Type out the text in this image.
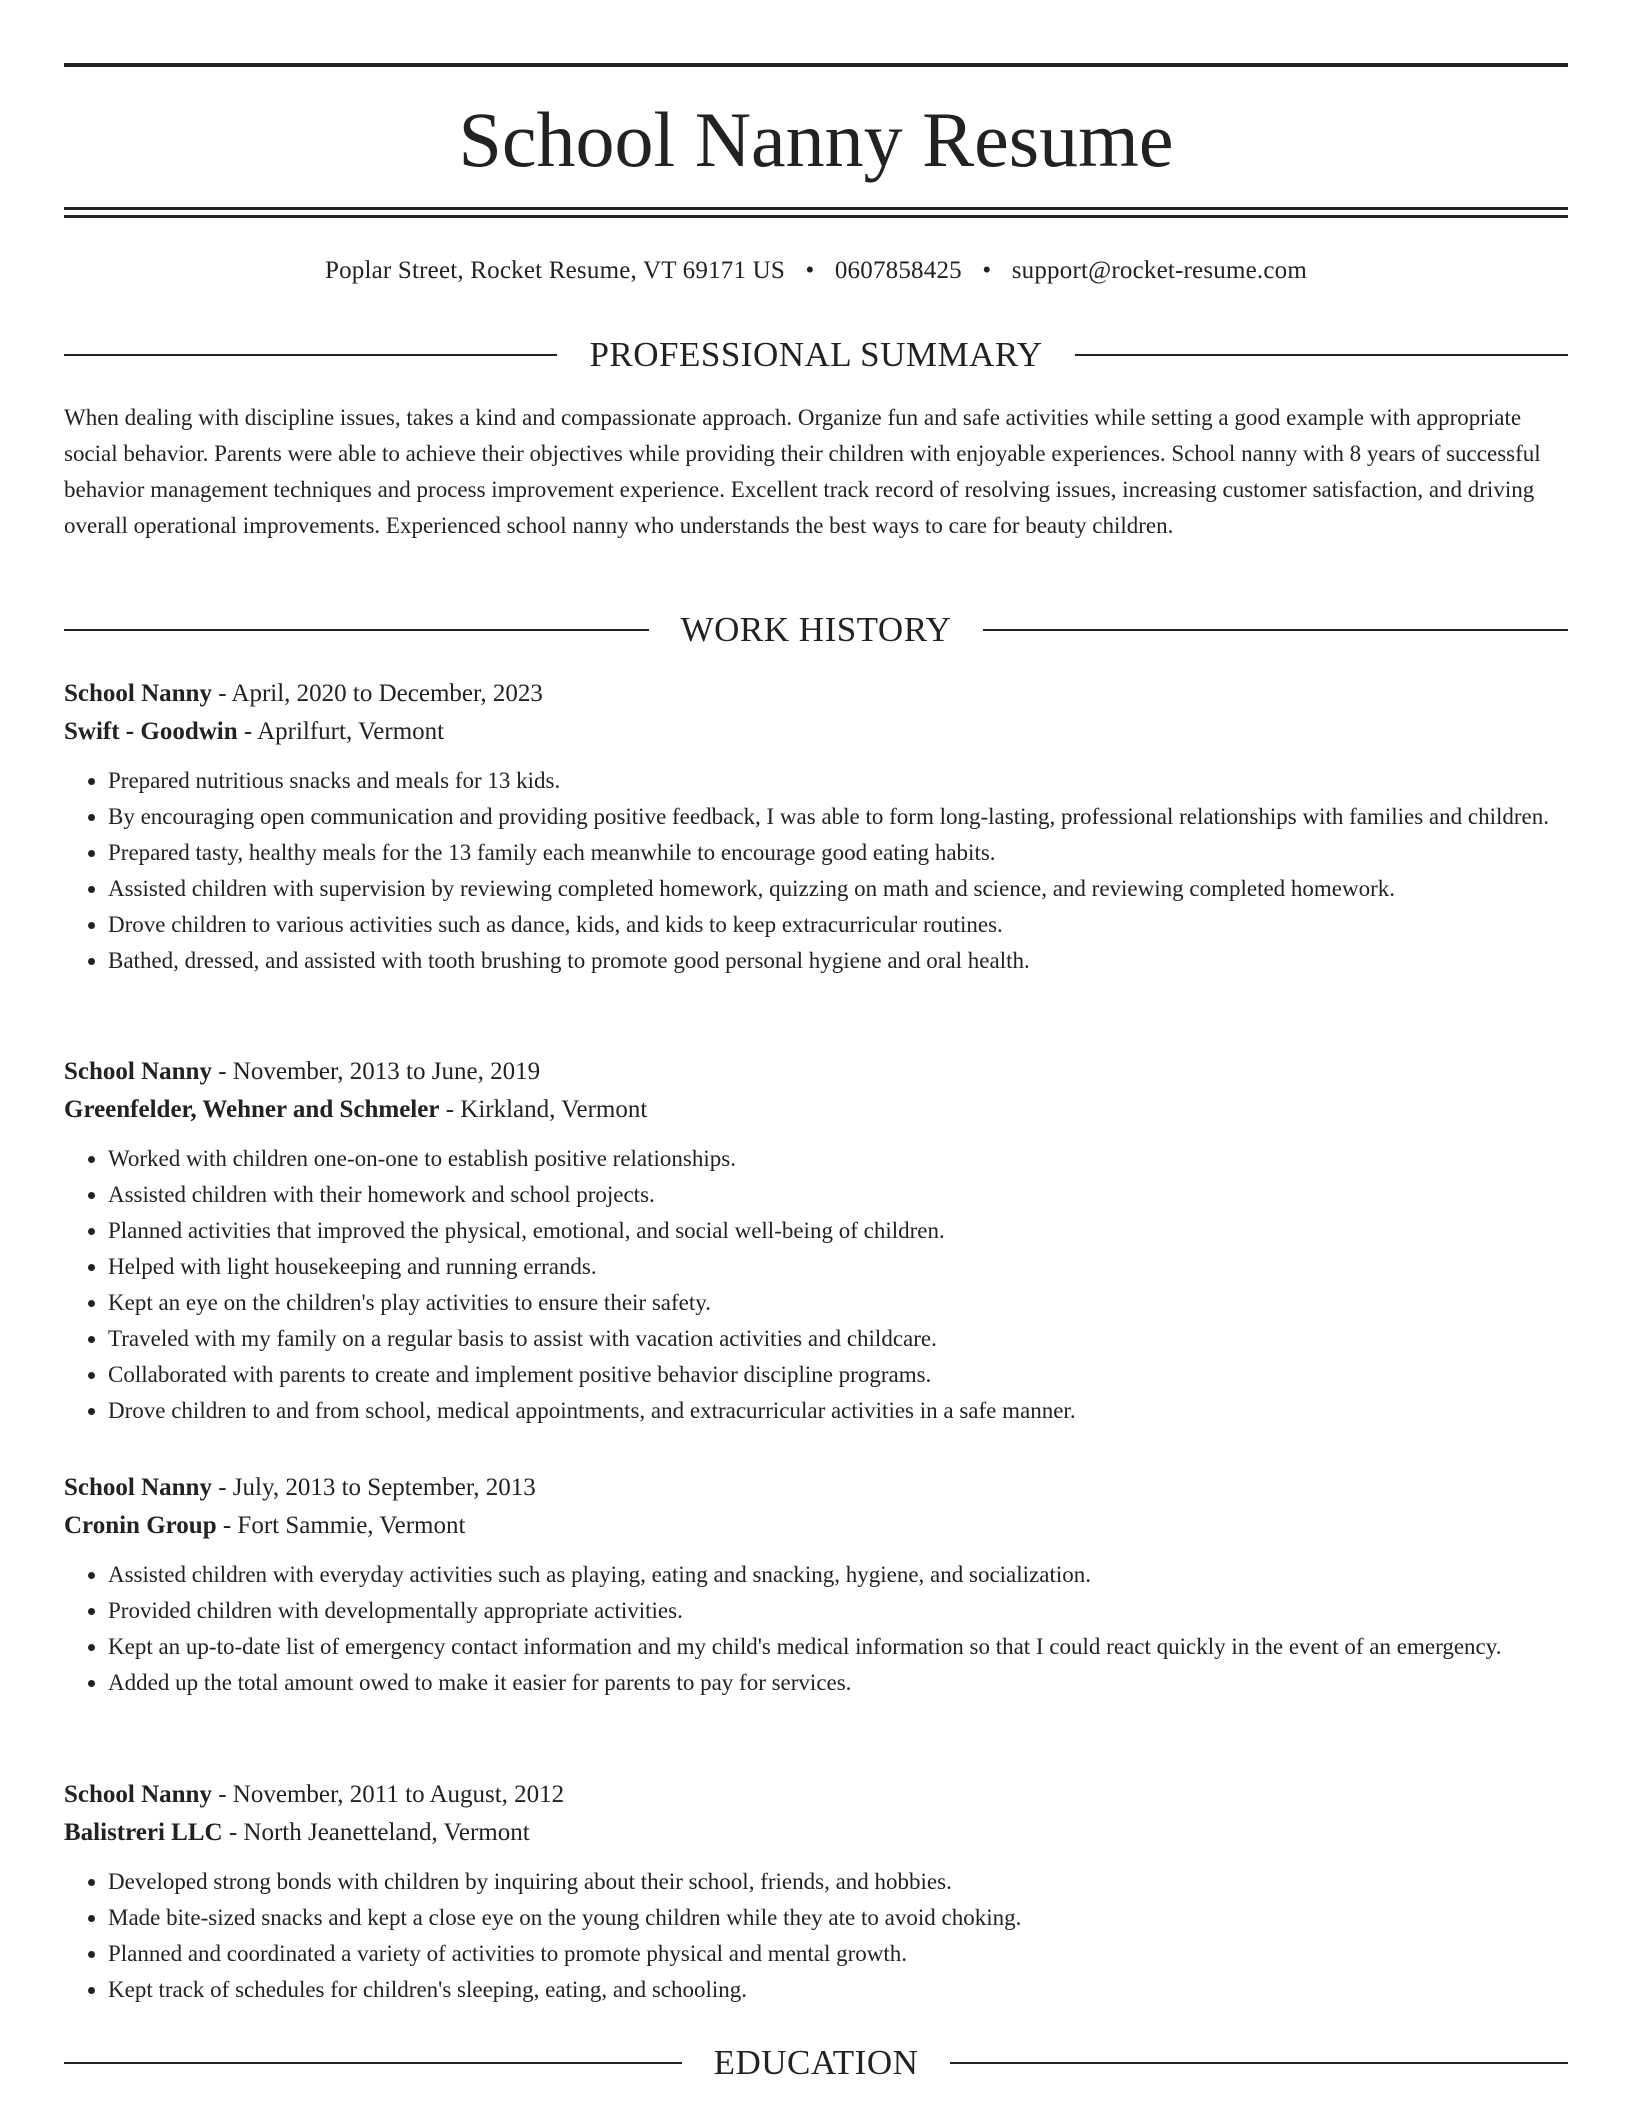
School Nanny Resume
Poplar Street, Rocket Resume, VT 69171 US • 0607858425 • support@rocket-resume.com
PROFESSIONAL SUMMARY

When dealing with discipline issues, takes a kind and compassionate approach. Organize fun and safe activities while setting a good example with appropriate social behavior. Parents were able to achieve their objectives while providing their children with enjoyable experiences. School nanny with 8 years of successful behavior management techniques and process improvement experience. Excellent track record of resolving issues, increasing customer satisfaction, and driving overall operational improvements. Experienced school nanny who understands the best ways to care for beauty children.

WORK HISTORY
School Nanny - April, 2020 to December, 2023
Swift - Goodwin - Aprilfurt, Vermont
• Prepared nutritious snacks and meals for 13 kids.
• By encouraging open communication and providing positive feedback, I was able to form long-lasting, professional relationships with families and children.
• Prepared tasty, healthy meals for the 13 family each meanwhile to encourage good eating habits.
• Assisted children with supervision by reviewing completed homework, quizzing on math and science, and reviewing completed homework.
• Drove children to various activities such as dance, kids, and kids to keep extracurricular routines.
• Bathed, dressed, and assisted with tooth brushing to promote good personal hygiene and oral health.
School Nanny - November, 2013 to June, 2019
Greenfelder, Wehner and Schmeler - Kirkland, Vermont
• Worked with children one-on-one to establish positive relationships.
• Assisted children with their homework and school projects.
• Planned activities that improved the physical, emotional, and social well-being of children.
• Helped with light housekeeping and running errands.
• Kept an eye on the children's play activities to ensure their safety.
• Traveled with my family on a regular basis to assist with vacation activities and childcare.
• Collaborated with parents to create and implement positive behavior discipline programs.
• Drove children to and from school, medical appointments, and extracurricular activities in a safe manner.
School Nanny - July, 2013 to September, 2013
Cronin Group - Fort Sammie, Vermont
• Assisted children with everyday activities such as playing, eating and snacking, hygiene, and socialization.
• Provided children with developmentally appropriate activities.
• Kept an up-to-date list of emergency contact information and my child's medical information so that I could react quickly in the event of an emergency.
• Added up the total amount owed to make it easier for parents to pay for services.
School Nanny - November, 2011 to August, 2012
Balistreri LLC - North Jeanetteland, Vermont
• Developed strong bonds with children by inquiring about their school, friends, and hobbies.
• Made bite-sized snacks and kept a close eye on the young children while they ate to avoid choking.
• Planned and coordinated a variety of activities to promote physical and mental growth.
• Kept track of schedules for children's sleeping, eating, and schooling.
EDUCATION
